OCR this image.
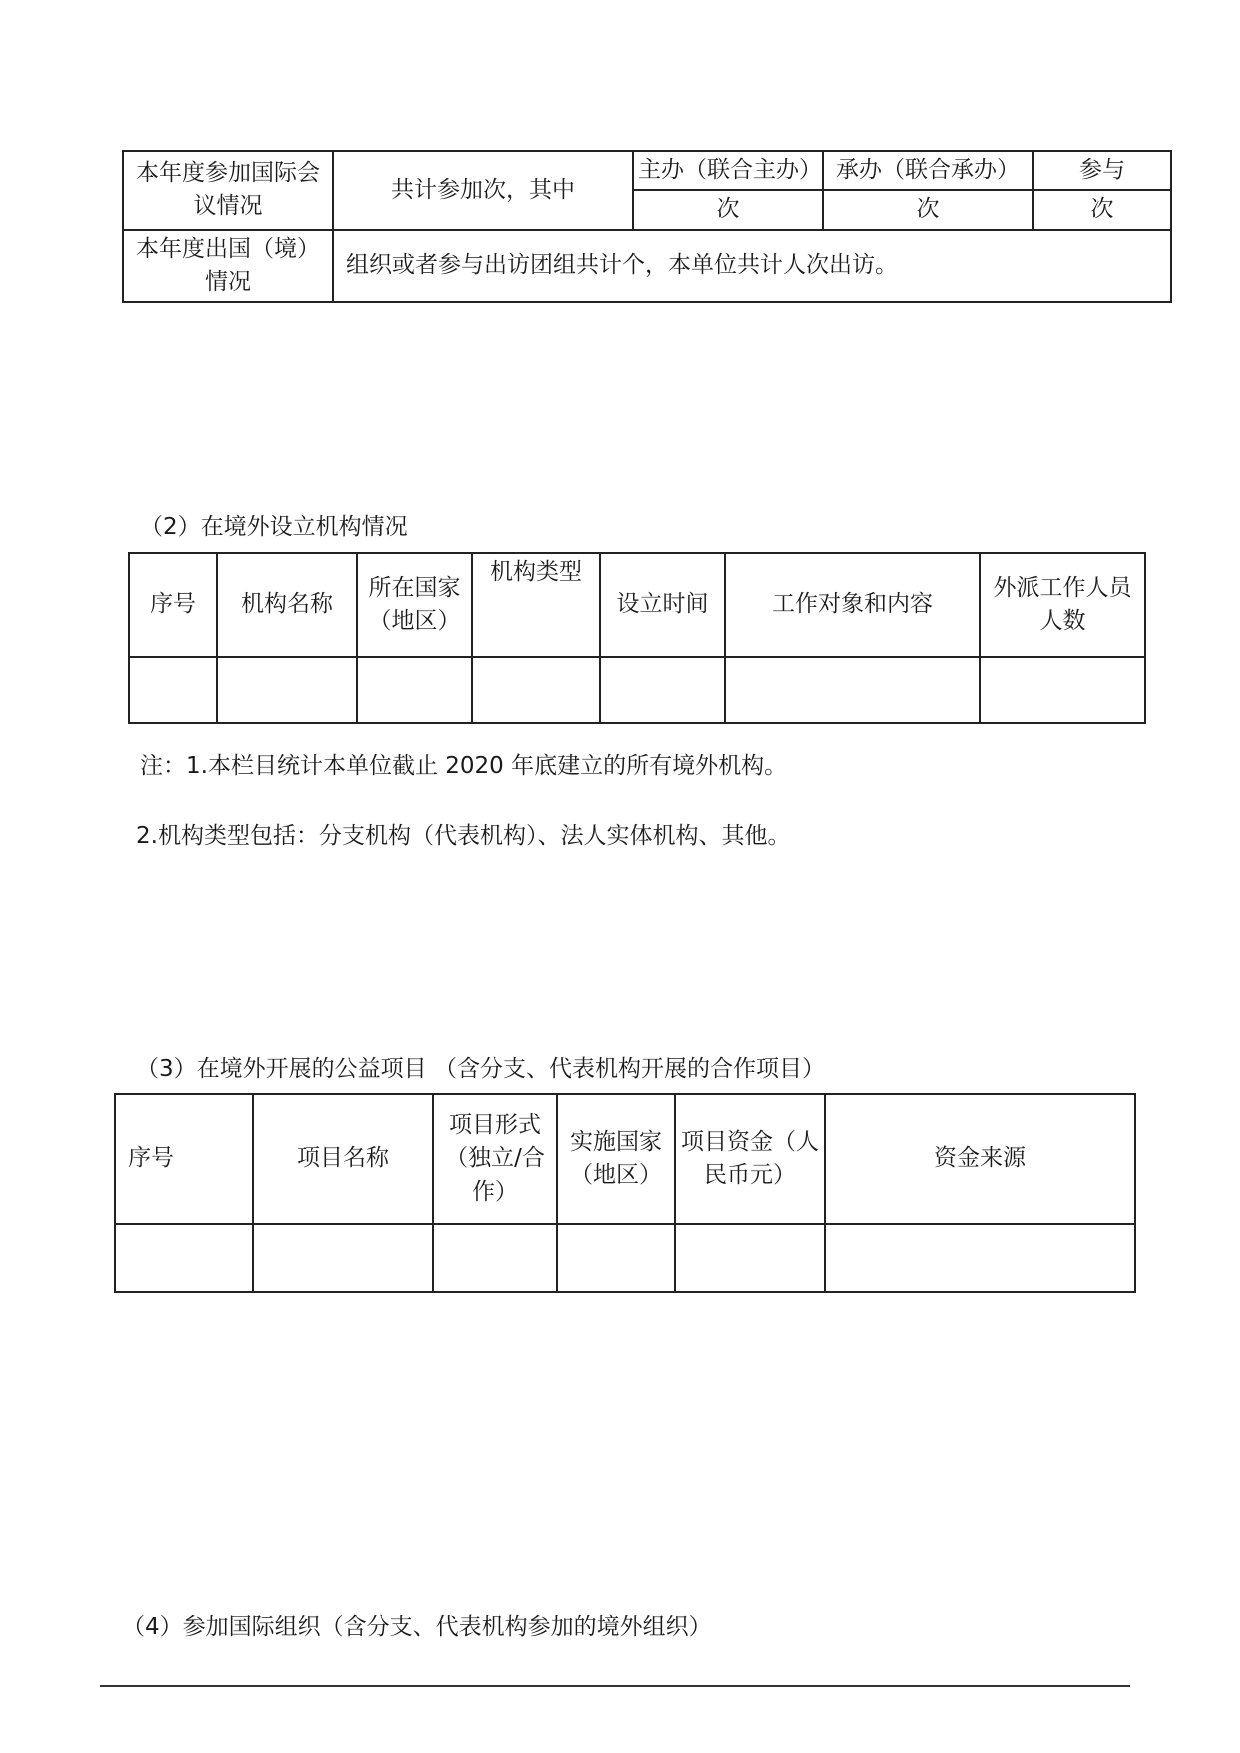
本年度参加国际会议情况	共计参加次，其中	主办（联合主办）	承办（联合承办）	参与
		次	次	次
本年度出国（境）情况	组织或者参与出访团组共计个，本单位共计人次出访。			
（2）在境外设立机构情况
序号	机构名称	所在国家（地区）	机构类型	设立时间	工作对象和内容	外派工作人员人数

注：1.本栏目统计本单位截止 2020 年底建立的所有境外机构。
2.机构类型包括：分支机构（代表机构）、法人实体机构、其他。
（3）在境外开展的公益项目 （含分支、代表机构开展的合作项目）
序号	项目名称	项目形式（独立/合作）	实施国家（地区）	项目资金（人民币元）	资金来源

（4）参加国际组织（含分支、代表机构参加的境外组织）
